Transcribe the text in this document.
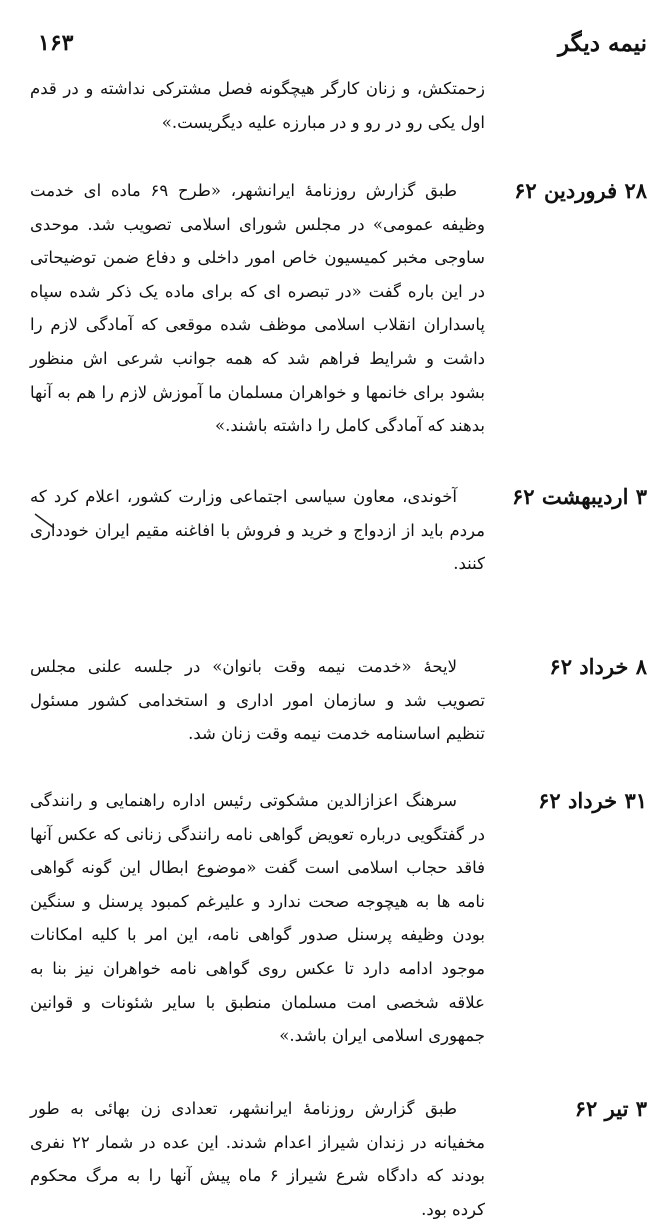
نیمه دیگر
۱۶۳
زحمتکش، و زنان کارگر هیچگونه فصل مشترکی نداشته و در قدم اول یکی رو در رو و در مبارزه علیه دیگریست.»
۲۸ فروردین ۶۲
طبق گزارش روزنامهٔ ایرانشهر، «طرح ۶۹ ماده ای خدمت وظیفه عمومی» در مجلس شورای اسلامی تصویب شد. موحدی ساوجی مخبر کمیسیون خاص امور داخلی و دفاع ضمن توضیحاتی در این باره گفت «در تبصره ای که برای ماده یک ذکر شده سپاه پاسداران انقلاب اسلامی موظف شده موقعی که آمادگی لازم را داشت و شرایط فراهم شد که همه جوانب شرعی اش منظور بشود برای خانمها و خواهران مسلمان ما آموزش لازم را هم به آنها بدهند که آمادگی کامل را داشته باشند.»
۳ اردیبهشت ۶۲
آخوندی، معاون سیاسی اجتماعی وزارت کشور، اعلام کرد که مردم باید از ازدواج و خرید و فروش با افاغنه مقیم ایران خودداری کنند.
۸ خرداد ۶۲
لایحهٔ «خدمت نیمه وقت بانوان» در جلسه علنی مجلس تصویب شد و سازمان امور اداری و استخدامی کشور مسئول تنظیم اساسنامه خدمت نیمه وقت زنان شد.
۳۱ خرداد ۶۲
سرهنگ اعزازالدین مشکوتی رئیس اداره راهنمایی و رانندگی در گفتگویی درباره تعویض گواهی نامه رانندگی زنانی که عکس آنها فاقد حجاب اسلامی است گفت «موضوع ابطال این گونه گواهی نامه ها به هیچوجه صحت ندارد و علیرغم کمبود پرسنل و سنگین بودن وظیفه پرسنل صدور گواهی نامه، این امر با کلیه امکانات موجود ادامه دارد تا عکس روی گواهی نامه خواهران نیز بنا به علاقه شخصی امت مسلمان منطبق با سایر شئونات و قوانین جمهوری اسلامی ایران باشد.»
۳ تیر ۶۲
طبق گزارش روزنامهٔ ایرانشهر، تعدادی زن بهائی به طور مخفیانه در زندان شیراز اعدام شدند. این عده در شمار ۲۲ نفری بودند که دادگاه شرع شیراز ۶ ماه پیش آنها را به مرگ محکوم کرده بود.
